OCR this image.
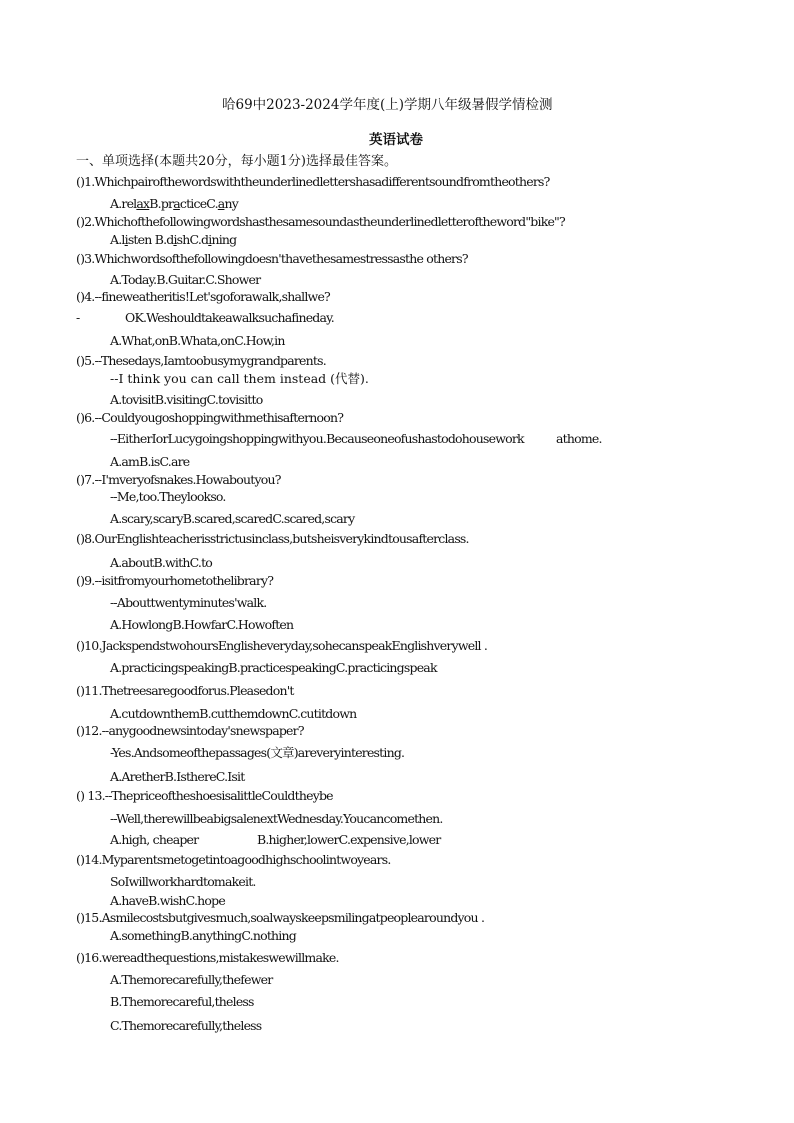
哈69中2023-2024学年度(上)学期八年级暑假学情检测
英语试卷
一、单项选择(本题共20分，每小题1分)选择最佳答案。
()1.Whichpairofthewordswiththeunderlinedlettershasadifferentsoundfromtheothers?
A.relaxB.practiceC.any
()2.Whichofthefollowingwordshasthesamesoundastheunderlinedletteroftheword"bike"?
A.listen B.dishC.dining
()3.Whichwordsofthefollowingdoesn'thavethesamestressasthe others?
A.Today.B.Guitar.C.Shower
()4.--fineweatheritis!Let'sgoforawalk,shallwe?
-	OK.Weshouldtakeawalksuchafineday.
A.What,onB.Whata,onC.How,in
()5.--Thesedays,Iamtoobusymygrandparents.
--I think you can call them instead (代替).
A.tovisitB.visitingC.tovisitto
()6.--Couldyougoshoppingwithmethisafternoon?
--EitherIorLucygoingshoppingwithyou.Becauseoneofushastodohousework	athome.
A.amB.isC.are
()7.--I'mveryofsnakes.Howaboutyou?
--Me,too.Theylookso.
A.scary,scaryB.scared,scaredC.scared,scary
()8.OurEnglishteacherisstrictusinclass,butsheisverykindtousafterclass.
A.aboutB.withC.to
()9.--isitfromyourhometothelibrary?
--Abouttwentyminutes'walk.
A.HowlongB.HowfarC.Howoften
()10.JackspendstwohoursEnglisheveryday,sohecanspeakEnglishverywell .
A.practicingspeakingB.practicespeakingC.practicingspeak
()11.Thetreesaregoodforus.Pleasedon't
A.cutdownthemB.cutthemdownC.cutitdown
()12.--anygoodnewsintoday'snewspaper?
-Yes.Andsomeofthepassages(文章)areveryinteresting.
A.AretherB.IsthereC.Isit
() 13.--ThepriceoftheshoesisalittleCouldtheybe
--Well,therewillbeabigsalenextWednesday.Youcancomethen.
A.high, cheaper	B.higher,lowerC.expensive,lower
()14.Myparentsmetogetintoagoodhighschoolintwoyears.
SoIwillworkhardtomakeit.
A.haveB.wishC.hope
()15.Asmilecostsbutgivesmuch,soalwayskeepsmilingatpeoplearoundyou .
A.somethingB.anythingC.nothing
()16.wereadthequestions,mistakeswewillmake.
A.Themorecarefully,thefewer
B.Themorecareful,theless
C.Themorecarefully,theless
